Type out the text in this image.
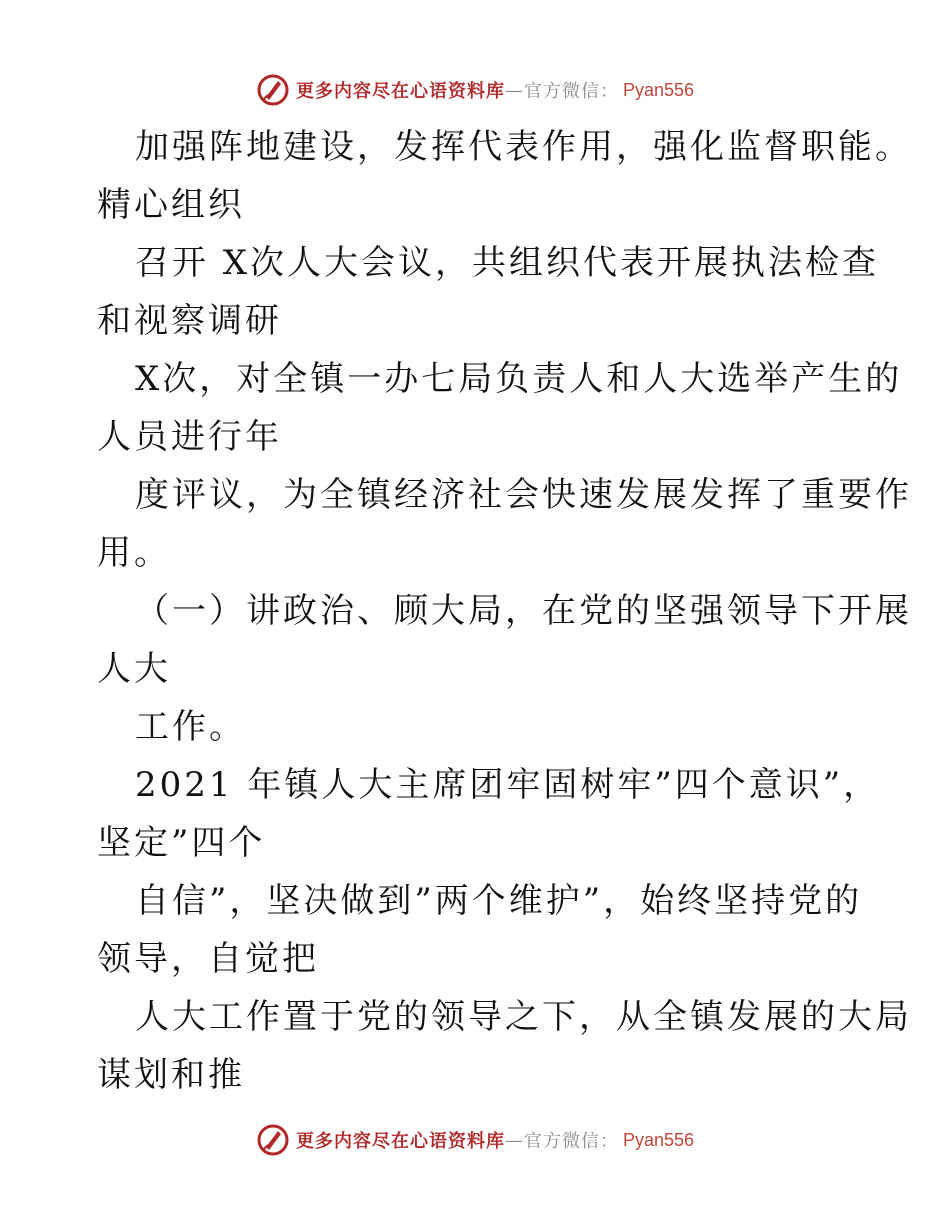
更多内容尽在心语资料库 — 官方微信： Pyan556
加强阵地建设，发挥代表作用，强化监督职能。
精心组织
召开 X次人大会议，共组织代表开展执法检查
和视察调研
X次，对全镇一办七局负责人和人大选举产生的
人员进行年
度评议，为全镇经济社会快速发展发挥了重要作
用。
（一）讲政治、顾大局，在党的坚强领导下开展
人大
工作。
2021 年镇人大主席团牢固树牢”四个意识”，
坚定”四个
自信”，坚决做到”两个维护”，始终坚持党的
领导，自觉把
人大工作置于党的领导之下，从全镇发展的大局
谋划和推
更多内容尽在心语资料库 — 官方微信： Pyan556
